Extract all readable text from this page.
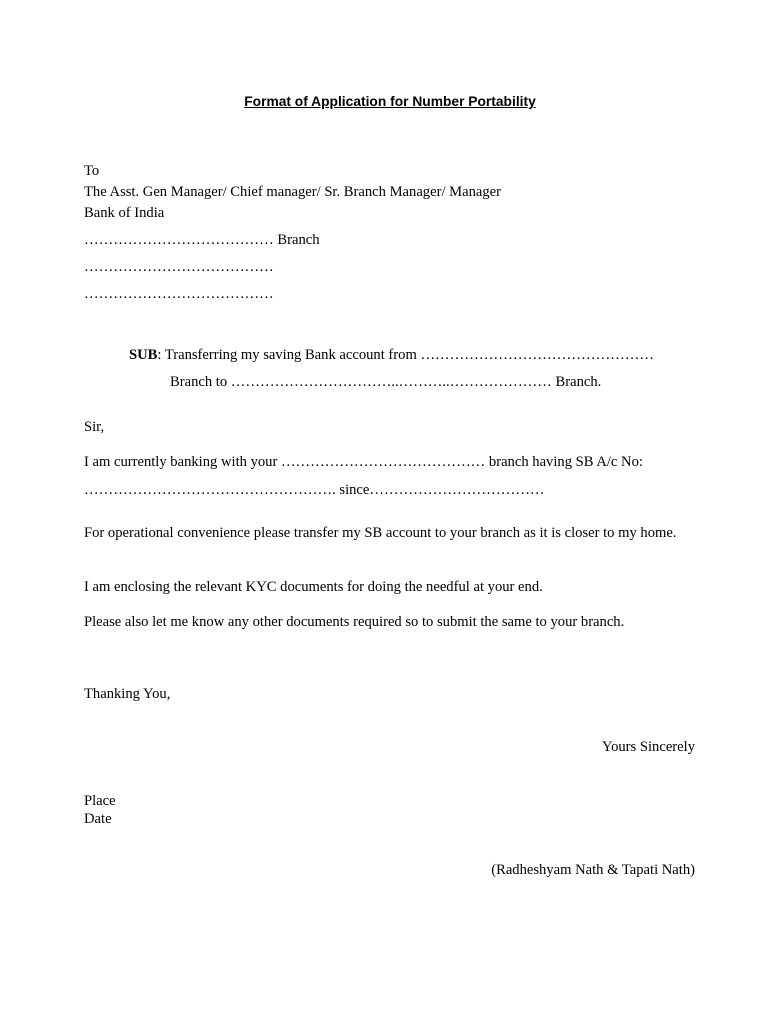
Format of Application for Number Portability
To
The Asst. Gen Manager/ Chief manager/ Sr. Branch Manager/ Manager
Bank of India
………………………………… Branch
…………………………………
…………………………………
SUB: Transferring my saving Bank account from …………………………………………
Branch to ……………………………..………..………………… Branch.
Sir,
I am currently banking with your …………………………………… branch having SB A/c No:
……………………………………………. since………………………………
For operational convenience please transfer my SB account to your branch as it is closer to my home.
I am enclosing the relevant KYC documents for doing the needful at your end.
Please also let me know any other documents required so to submit the same to your branch.
Thanking You,
Yours Sincerely
Place
Date
(Radheshyam Nath & Tapati Nath)
